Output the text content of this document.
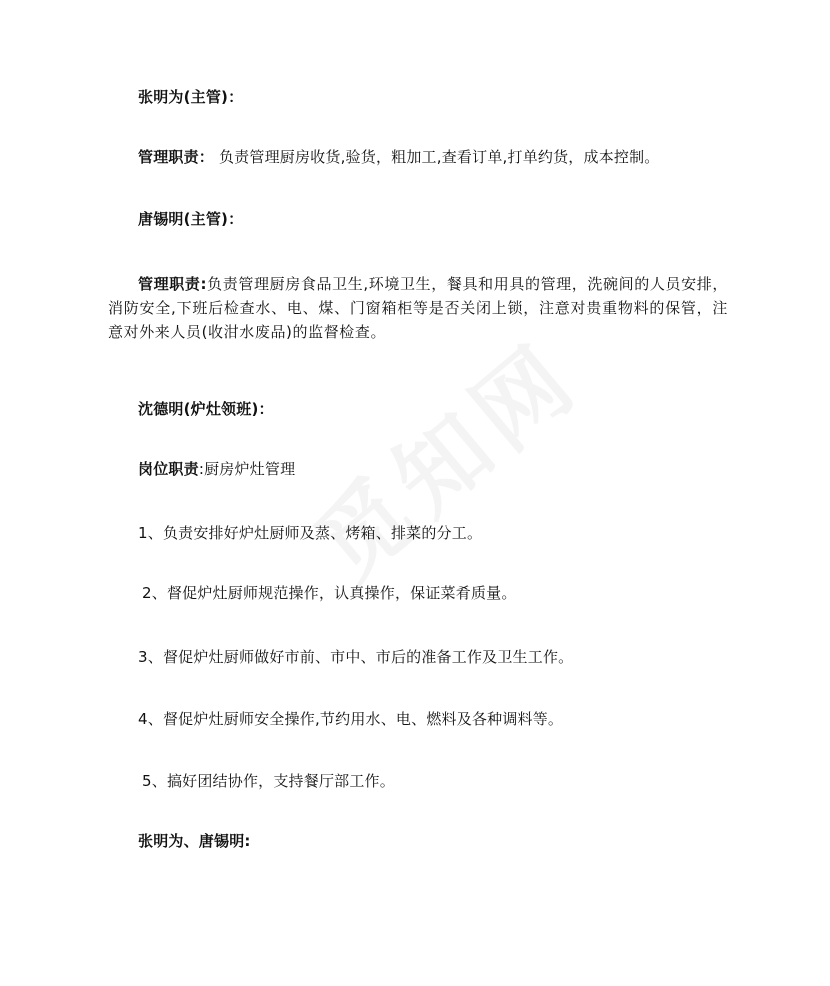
张明为(主管)：
管理职责： 负责管理厨房收货,验货，粗加工,查看订单,打单约货，成本控制。
唐锡明(主管)：
管理职责:负责管理厨房食品卫生,环境卫生，餐具和用具的管理，洗碗间的人员安排，消防安全,下班后检查水、电、煤、门窗箱柜等是否关闭上锁，注意对贵重物料的保管，注意对外来人员(收泔水废品)的监督检查。
沈德明(炉灶领班)：
岗位职责:厨房炉灶管理
1、负责安排好炉灶厨师及蒸、烤箱、排菜的分工。
2、督促炉灶厨师规范操作，认真操作，保证菜肴质量。
3、督促炉灶厨师做好市前、市中、市后的准备工作及卫生工作。
4、督促炉灶厨师安全操作,节约用水、电、燃料及各种调料等。
5、搞好团结协作，支持餐厅部工作。
张明为、唐锡明:
